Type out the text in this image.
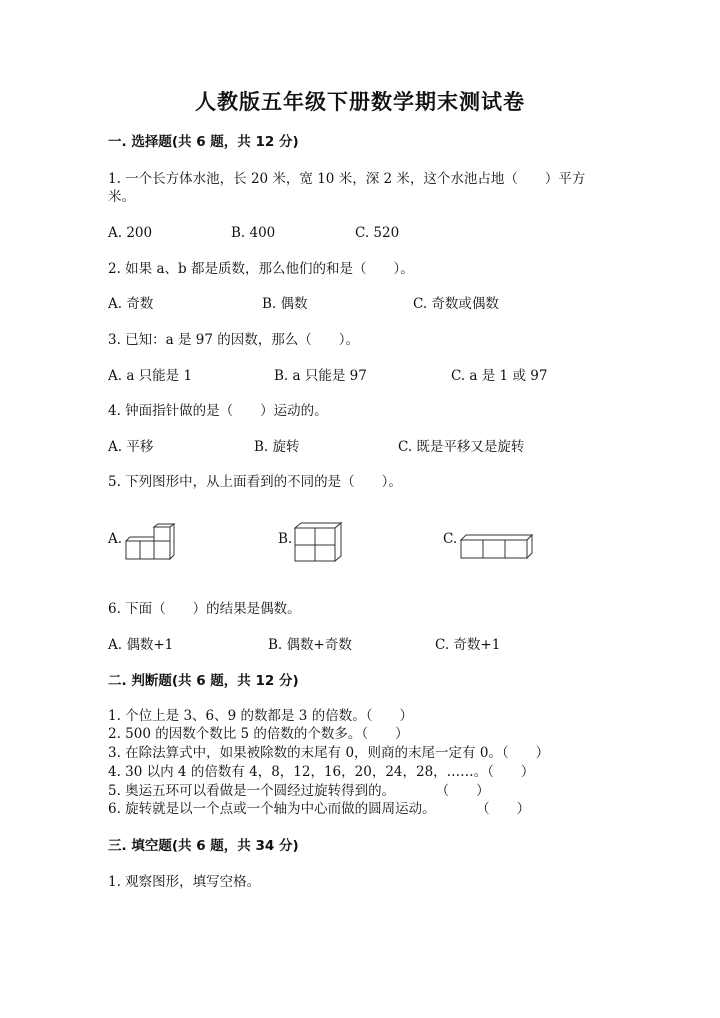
人教版五年级下册数学期末测试卷
一. 选择题(共 6 题，共 12 分)
1. 一个长方体水池，长 20 米，宽 10 米，深 2 米，这个水池占地（　　）平方
米。
A. 200	B. 400	C. 520
2. 如果 a、b 都是质数，那么他们的和是（　　）。
A. 奇数	B. 偶数	C. 奇数或偶数
3. 已知：a 是 97 的因数，那么（　　）。
A. a 只能是 1	B. a 只能是 97	C. a 是 1 或 97
4. 钟面指针做的是（　　）运动的。
A. 平移	B. 旋转	C. 既是平移又是旋转
5. 下列图形中，从上面看到的不同的是（　　）。
A.	B.	C.
6. 下面（　　）的结果是偶数。
A. 偶数+1	B. 偶数+奇数	C. 奇数+1
二. 判断题(共 6 题，共 12 分)
1. 个位上是 3、6、9 的数都是 3 的倍数。（　　）
2. 500 的因数个数比 5 的倍数的个数多。（　　）
3. 在除法算式中，如果被除数的末尾有 0，则商的末尾一定有 0。（　　）
4. 30 以内 4 的倍数有 4，8，12，16，20，24，28，……。（　　）
5. 奥运五环可以看做是一个圆经过旋转得到的。　　　　（　　）
6. 旋转就是以一个点或一个轴为中心而做的圆周运动。　　　　（　　）
三. 填空题(共 6 题，共 34 分)
1. 观察图形，填写空格。
